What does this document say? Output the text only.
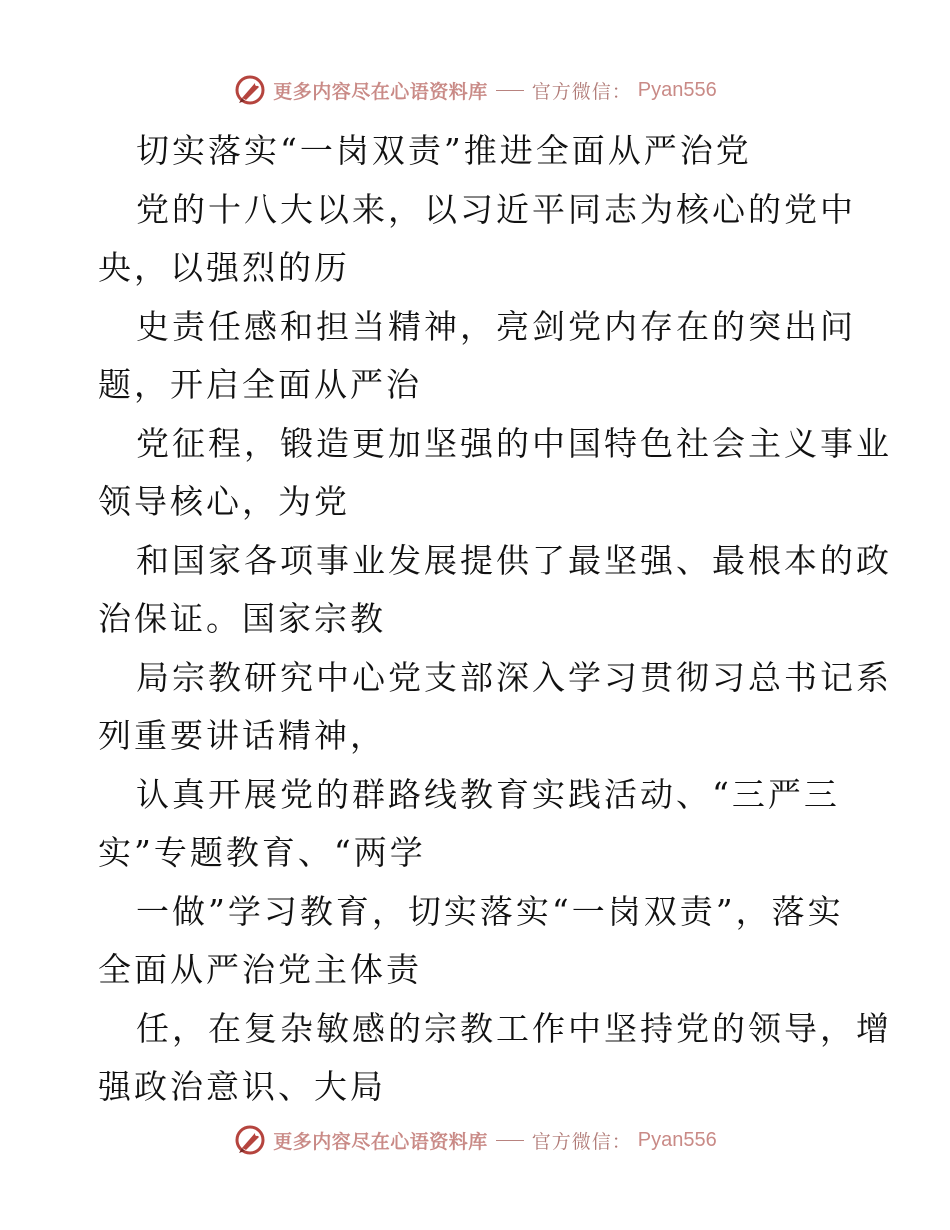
更多内容尽在心语资料库 官方微信： Pyan556
切实落实“一岗双责”推进全面从严治党
党的十八大以来，以习近平同志为核心的党中
央，以强烈的历
史责任感和担当精神，亮剑党内存在的突出问
题，开启全面从严治
党征程，锻造更加坚强的中国特色社会主义事业
领导核心，为党
和国家各项事业发展提供了最坚强、最根本的政
治保证。国家宗教
局宗教研究中心党支部深入学习贯彻习总书记系
列重要讲话精神，
认真开展党的群路线教育实践活动、“三严三
实”专题教育、“两学
一做”学习教育，切实落实“一岗双责”，落实
全面从严治党主体责
任，在复杂敏感的宗教工作中坚持党的领导，增
强政治意识、大局
更多内容尽在心语资料库 官方微信： Pyan556
